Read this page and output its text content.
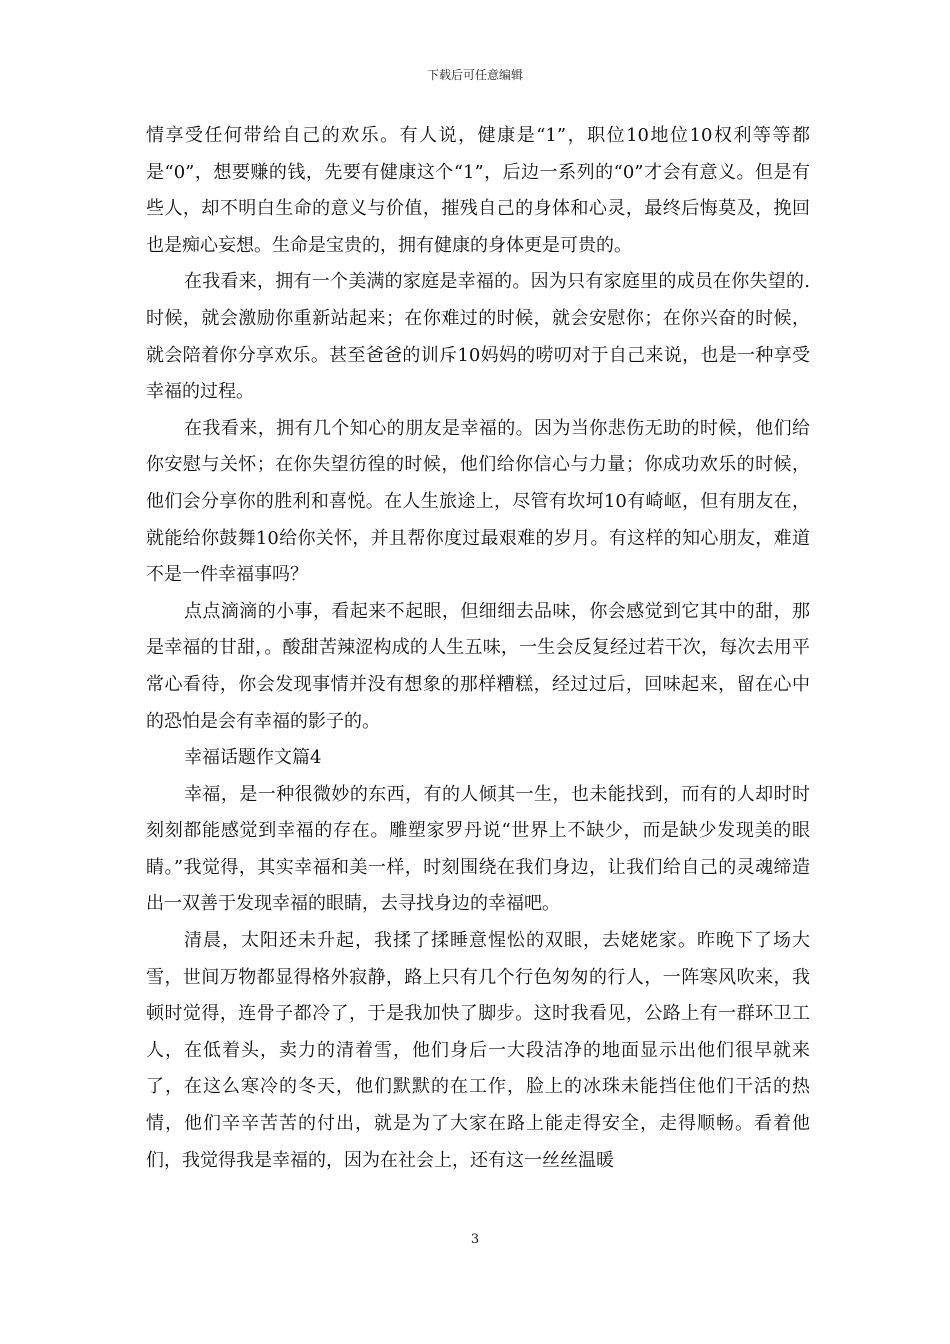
下载后可任意编辑

情享受任何带给自己的欢乐。有人说，健康是“1”，职位10地位10权利等等都是“0”，想要赚的钱，先要有健康这个“1”，后边一系列的“0”才会有意义。但是有些人，却不明白生命的意义与价值，摧残自己的身体和心灵，最终后悔莫及，挽回也是痴心妄想。生命是宝贵的，拥有健康的身体更是可贵的。

在我看来，拥有一个美满的家庭是幸福的。因为只有家庭里的成员在你失望的.时候，就会激励你重新站起来；在你难过的时候，就会安慰你；在你兴奋的时候，就会陪着你分享欢乐。甚至爸爸的训斥10妈妈的唠叨对于自己来说，也是一种享受幸福的过程。

在我看来，拥有几个知心的朋友是幸福的。因为当你悲伤无助的时候，他们给你安慰与关怀；在你失望彷徨的时候，他们给你信心与力量；你成功欢乐的时候，他们会分享你的胜利和喜悦。在人生旅途上，尽管有坎坷10有崎岖，但有朋友在，就能给你鼓舞10给你关怀，并且帮你度过最艰难的岁月。有这样的知心朋友，难道不是一件幸福事吗？

点点滴滴的小事，看起来不起眼，但细细去品味，你会感觉到它其中的甜，那是幸福的甘甜，。酸甜苦辣涩构成的人生五味，一生会反复经过若干次，每次去用平常心看待，你会发现事情并没有想象的那样糟糕，经过过后，回味起来，留在心中的恐怕是会有幸福的影子的。

幸福话题作文篇4

幸福，是一种很微妙的东西，有的人倾其一生，也未能找到，而有的人却时时刻刻都能感觉到幸福的存在。雕塑家罗丹说“世界上不缺少，而是缺少发现美的眼睛。”我觉得，其实幸福和美一样，时刻围绕在我们身边，让我们给自己的灵魂缔造出一双善于发现幸福的眼睛，去寻找身边的幸福吧。

清晨，太阳还未升起，我揉了揉睡意惺忪的双眼，去姥姥家。昨晚下了场大雪，世间万物都显得格外寂静，路上只有几个行色匆匆的行人，一阵寒风吹来，我顿时觉得，连骨子都冷了，于是我加快了脚步。这时我看见，公路上有一群环卫工人，在低着头，卖力的清着雪，他们身后一大段洁净的地面显示出他们很早就来了，在这么寒冷的冬天，他们默默的在工作，脸上的冰珠未能挡住他们干活的热情，他们辛辛苦苦的付出，就是为了大家在路上能走得安全，走得顺畅。看着他们，我觉得我是幸福的，因为在社会上，还有这一丝丝温暖

3
